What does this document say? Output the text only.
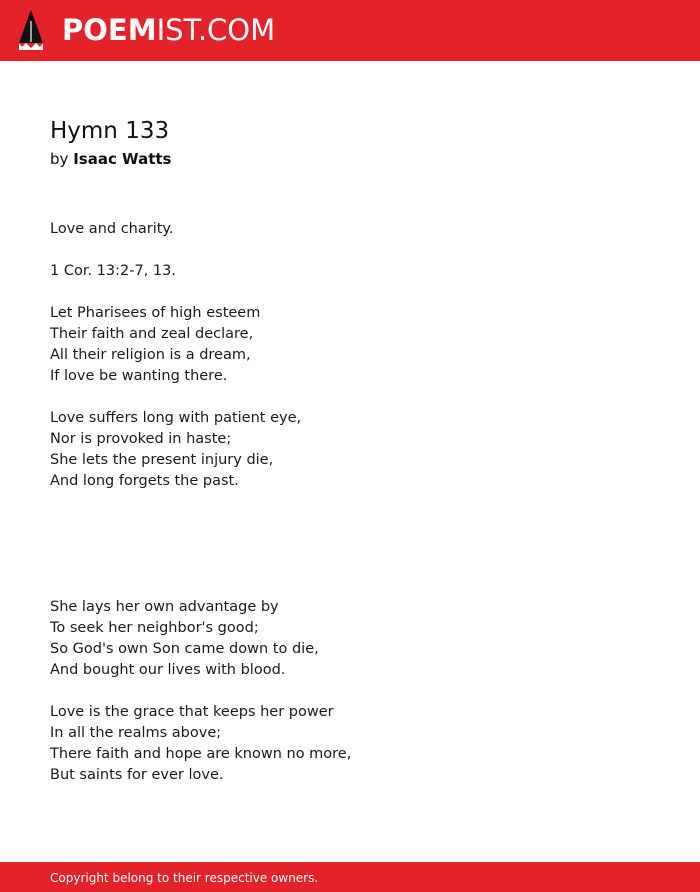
POEMIST.COM
Hymn 133
by Isaac Watts
Love and charity.
1 Cor. 13:2-7, 13.
Let Pharisees of high esteem
Their faith and zeal declare,
All their religion is a dream,
If love be wanting there.
Love suffers long with patient eye,
Nor is provoked in haste;
She lets the present injury die,
And long forgets the past.
She lays her own advantage by
To seek her neighbor's good;
So God's own Son came down to die,
And bought our lives with blood.
Love is the grace that keeps her power
In all the realms above;
There faith and hope are known no more,
But saints for ever love.
Copyright belong to their respective owners.
